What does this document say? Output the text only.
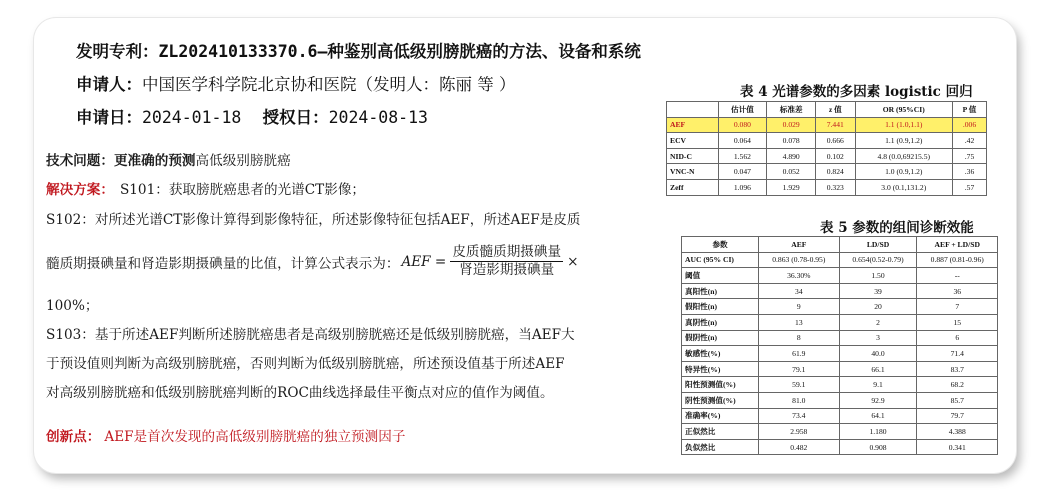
发明专利：ZL202410133370.6—种鉴别高低级别膀胱癌的方法、设备和系统
申请人：中国医学科学院北京协和医院（发明人：陈丽 等 ）
申请日：2024-01-18 授权日：2024-08-13
技术问题：更准确的预测高低级别膀胱癌
解决方案： S101：获取膀胱癌患者的光谱CT影像；
S102：对所述光谱CT影像计算得到影像特征，所述影像特征包括AEF，所述AEF是皮质
髓质期摄碘量和肾造影期摄碘量的比值，计算公式表示为： AEF = $\frac{\text{皮质髓质期摄碘量}}{\text{肾造影期摄碘量}}$ ×
100%；
S103：基于所述AEF判断所述膀胱癌患者是高级别膀胱癌还是低级别膀胱癌，当AEF大
于预设值则判断为高级别膀胱癌，否则判断为低级别膀胱癌，所述预设值基于所述AEF
对高级别膀胱癌和低级别膀胱癌判断的ROC曲线选择最佳平衡点对应的值作为阈值。
创新点： AEF是首次发现的高低级别膀胱癌的独立预测因子
表 4 光谱参数的多因素 logistic 回归
	估计值	标准差	z 值	OR (95%CI)	P 值
AEF	0.080	0.029	7.441	1.1 (1.0,1.1)	.006
ECV	0.064	0.078	0.666	1.1 (0.9,1.2)	.42
NID-C	1.562	4.890	0.102	4.8 (0.0,69215.5)	.75
VNC-N	0.047	0.052	0.824	1.0 (0.9,1.2)	.36
Zeff	1.096	1.929	0.323	3.0 (0.1,131.2)	.57
表 5 参数的组间诊断效能
参数	AEF	LD/SD	AEF + LD/SD
AUC (95% CI)	0.863 (0.78-0.95)	0.654(0.52-0.79)	0.887 (0.81-0.96)
阈值	36.30%	1.50	--
真阳性(n)	34	39	36
假阳性(n)	9	20	7
真阴性(n)	13	2	15
假阴性(n)	8	3	6
敏感性(%)	61.9	40.0	71.4
特异性(%)	79.1	66.1	83.7
阳性预测值(%)	59.1	9.1	68.2
阴性预测值(%)	81.0	92.9	85.7
准确率(%)	73.4	64.1	79.7
正似然比	2.958	1.180	4.388
负似然比	0.482	0.908	0.341
